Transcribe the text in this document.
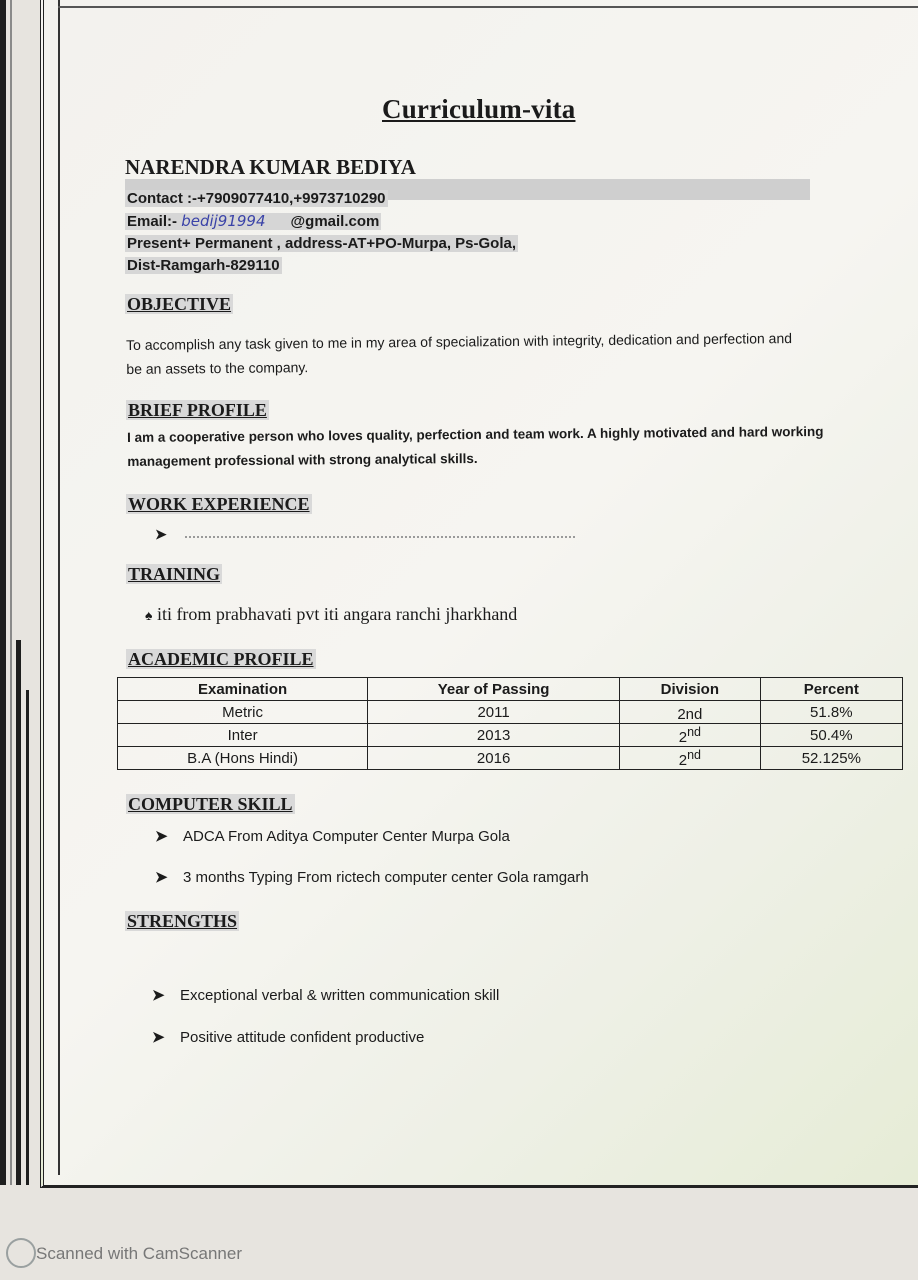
Curriculum-vita
NARENDRA KUMAR BEDIYA
Contact :-+7909077410,+9973710290
Email:- bedij91994 @gmail.com
Present+ Permanent , address-AT+PO-Murpa, Ps-Gola,
Dist-Ramgarh-829110
OBJECTIVE
To accomplish any task given to me in my area of specialization with integrity, dedication and perfection and
be an assets to the company.
BRIEF PROFILE
I am a cooperative person who loves quality, perfection and team work. A highly motivated and hard working
management professional with strong analytical skills.
WORK EXPERIENCE
➤
TRAINING
♠ iti from prabhavati pvt iti angara ranchi jharkhand
ACADEMIC PROFILE
Examination	Year of Passing	Division	Percent
Metric	2011	2nd	51.8%
Inter	2013	2nd	50.4%
B.A (Hons Hindi)	2016	2nd	52.125%
COMPUTER SKILL
➤ ADCA From Aditya Computer Center Murpa Gola
➤ 3 months Typing From rictech computer center Gola ramgarh
STRENGTHS
➤ Exceptional verbal & written communication skill
➤ Positive attitude confident productive
Scanned with CamScanner
